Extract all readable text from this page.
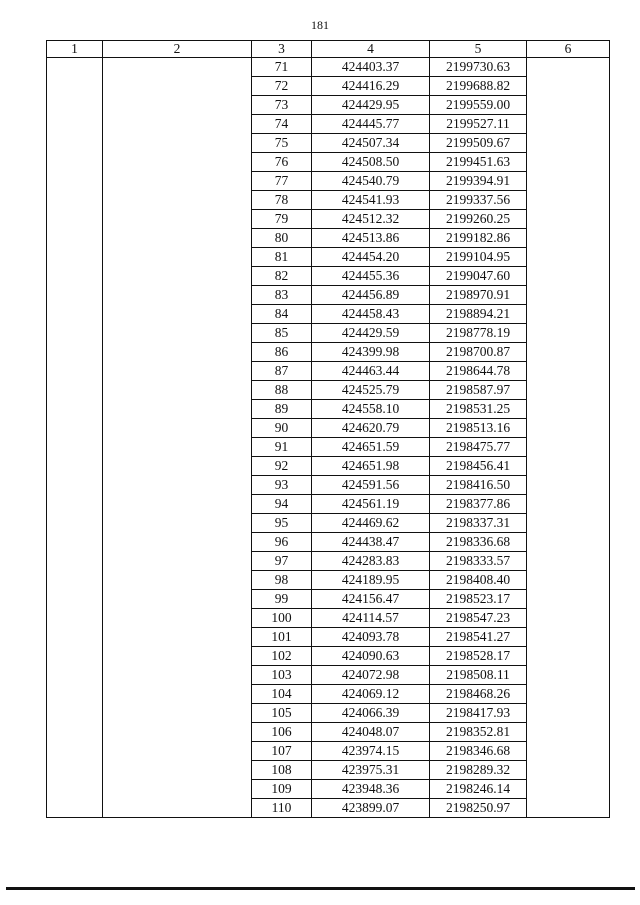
181
1	2	3	4	5	6
		71	424403.37	2199730.63	
		72	424416.29	2199688.82	
		73	424429.95	2199559.00	
		74	424445.77	2199527.11	
		75	424507.34	2199509.67	
		76	424508.50	2199451.63	
		77	424540.79	2199394.91	
		78	424541.93	2199337.56	
		79	424512.32	2199260.25	
		80	424513.86	2199182.86	
		81	424454.20	2199104.95	
		82	424455.36	2199047.60	
		83	424456.89	2198970.91	
		84	424458.43	2198894.21	
		85	424429.59	2198778.19	
		86	424399.98	2198700.87	
		87	424463.44	2198644.78	
		88	424525.79	2198587.97	
		89	424558.10	2198531.25	
		90	424620.79	2198513.16	
		91	424651.59	2198475.77	
		92	424651.98	2198456.41	
		93	424591.56	2198416.50	
		94	424561.19	2198377.86	
		95	424469.62	2198337.31	
		96	424438.47	2198336.68	
		97	424283.83	2198333.57	
		98	424189.95	2198408.40	
		99	424156.47	2198523.17	
		100	424114.57	2198547.23	
		101	424093.78	2198541.27	
		102	424090.63	2198528.17	
		103	424072.98	2198508.11	
		104	424069.12	2198468.26	
		105	424066.39	2198417.93	
		106	424048.07	2198352.81	
		107	423974.15	2198346.68	
		108	423975.31	2198289.32	
		109	423948.36	2198246.14	
		110	423899.07	2198250.97	
